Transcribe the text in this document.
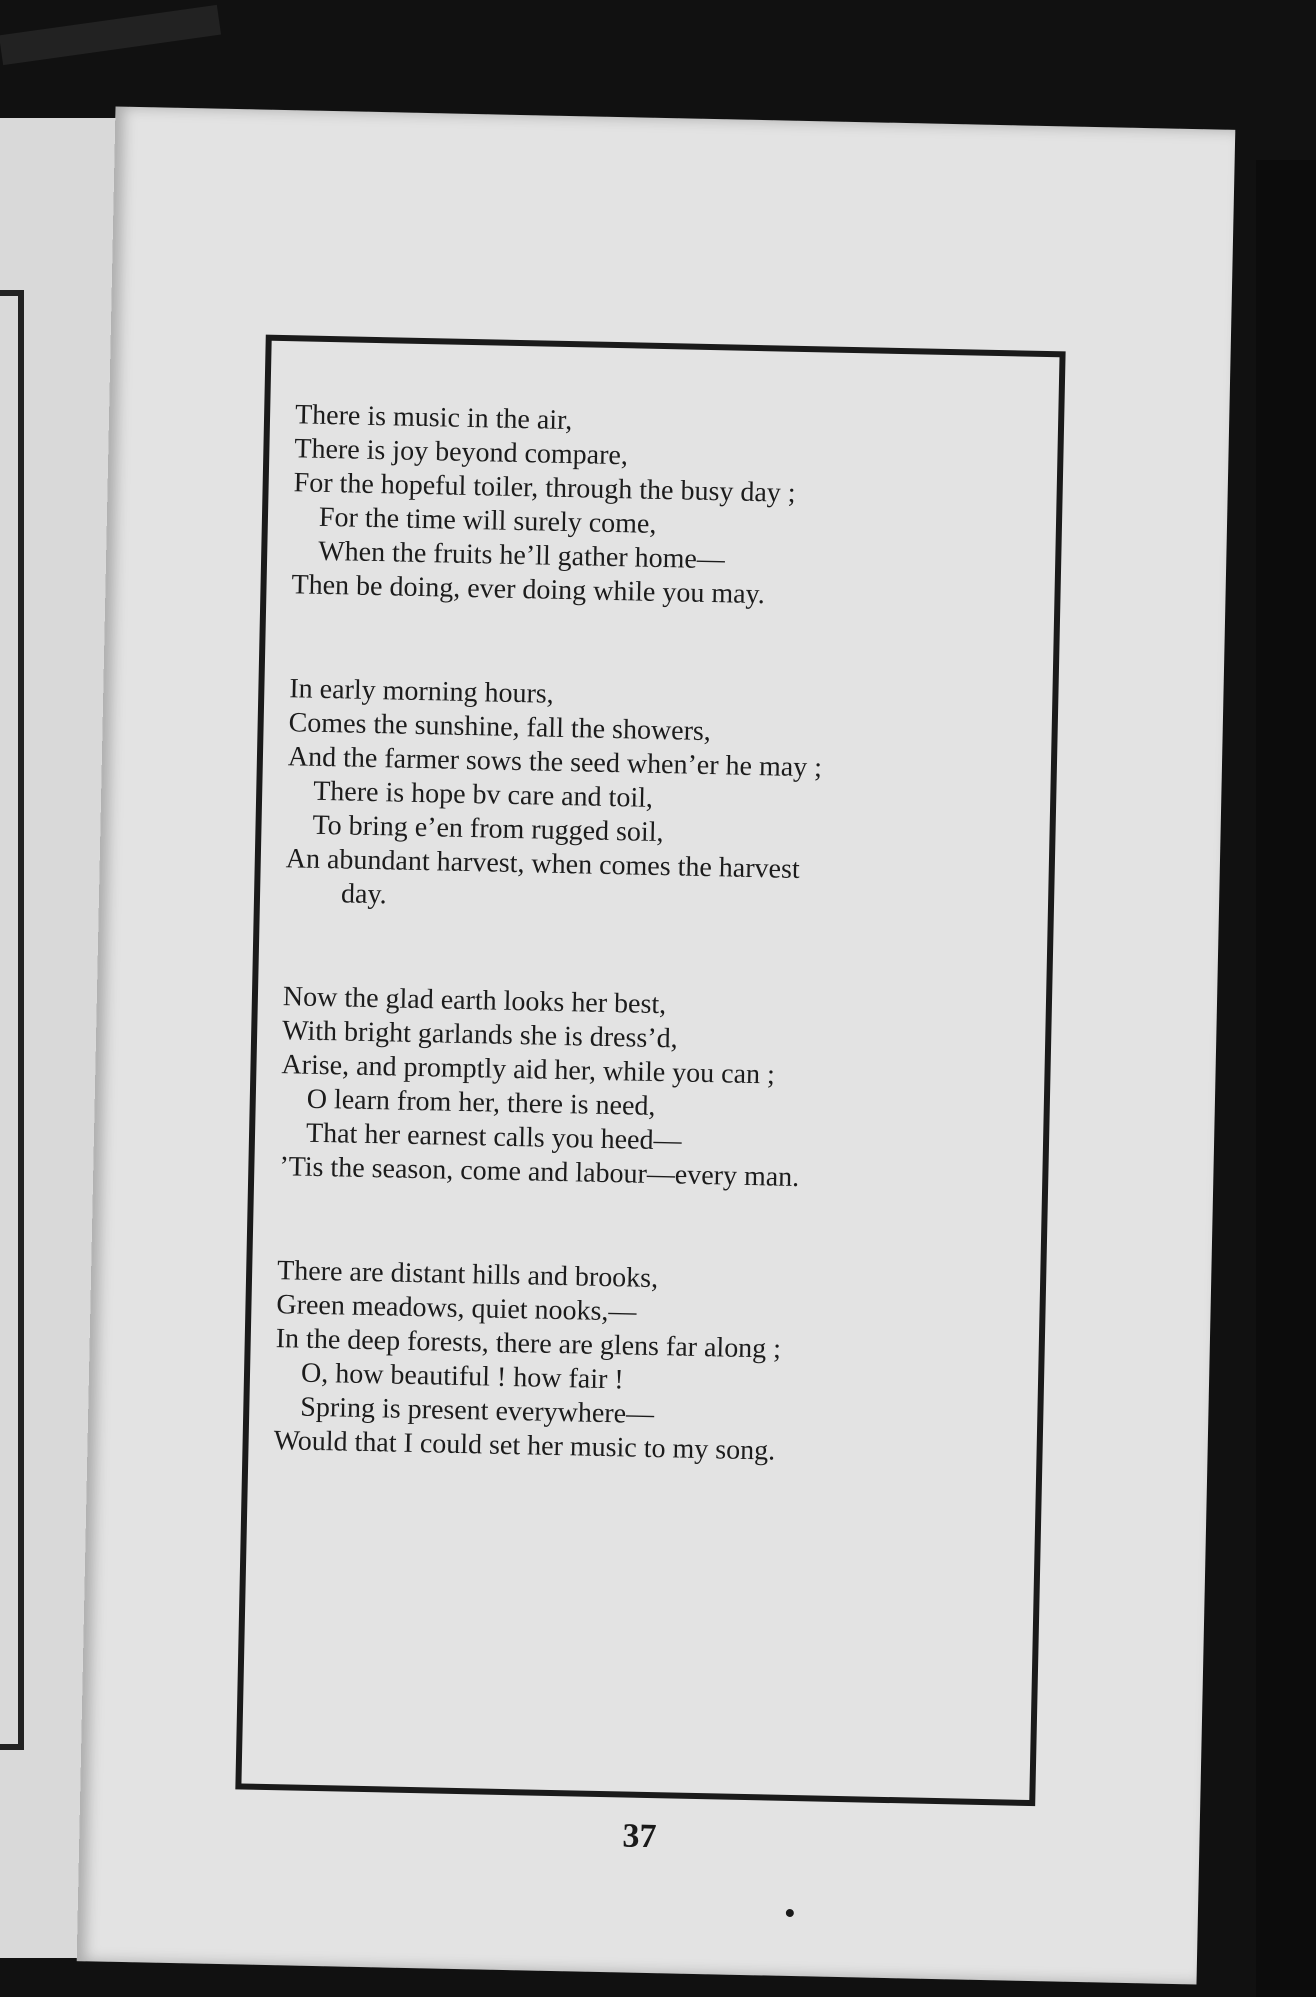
There is music in the air,
There is joy beyond compare,
For the hopeful toiler, through the busy day ;
For the time will surely come,
When the fruits he’ll gather home—
Then be doing, ever doing while you may.
In early morning hours,
Comes the sunshine, fall the showers,
And the farmer sows the seed when’er he may ;
There is hope bv care and toil,
To bring e’en from rugged soil,
An abundant harvest, when comes the harvest
day.
Now the glad earth looks her best,
With bright garlands she is dress’d,
Arise, and promptly aid her, while you can ;
O learn from her, there is need,
That her earnest calls you heed—
’Tis the season, come and labour—every man.
There are distant hills and brooks,
Green meadows, quiet nooks,—
In the deep forests, there are glens far along ;
O, how beautiful ! how fair !
Spring is present everywhere—
Would that I could set her music to my song.
37
